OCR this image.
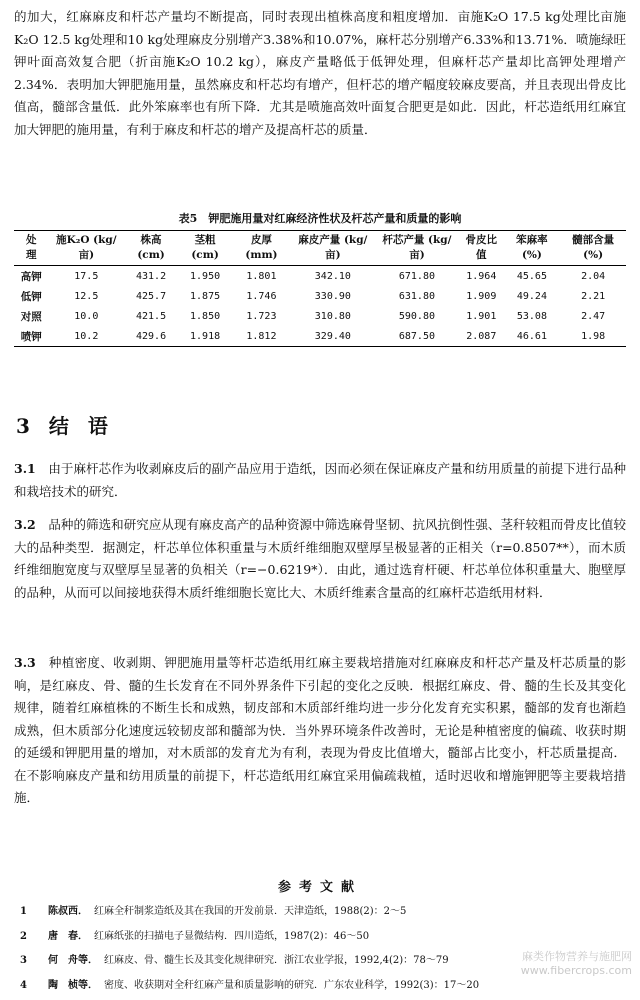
的加大，红麻麻皮和杆芯产量均不断提高，同时表现出植株高度和粗度增加．亩施K₂O 17.5 kg处理比亩施K₂O 12.5 kg处理和10 kg处理麻皮分别增产3.38%和10.07%，麻杆芯分别增产6.33%和13.71%．喷施绿旺钾叶面高效复合肥（折亩施K₂O 10.2 kg），麻皮产量略低于低钾处理，但麻杆芯产量却比高钾处理增产2.34%．表明加大钾肥施用量，虽然麻皮和杆芯均有增产，但杆芯的增产幅度较麻皮要高，并且表现出骨皮比值高，髓部含量低．此外笨麻率也有所下降．尤其是喷施高效叶面复合肥更是如此．因此，杆芯造纸用红麻宜加大钾肥的施用量，有利于麻皮和杆芯的增产及提高杆芯的质量．

表5　钾肥施用量对红麻经济性状及杆芯产量和质量的影响
处　理	施K₂O (kg/亩)	株高 (cm)	茎粗 (cm)	皮厚 (mm)	麻皮产量 (kg/亩)	杆芯产量 (kg/亩)	骨皮比值	笨麻率 (%)	髓部含量 (%)
高钾	17.5	431.2	1.950	1.801	342.10	671.80	1.964	45.65	2.04
低钾	12.5	425.7	1.875	1.746	330.90	631.80	1.909	49.24	2.21
对照	10.0	421.5	1.850	1.723	310.80	590.80	1.901	53.08	2.47
喷钾	10.2	429.6	1.918	1.812	329.40	687.50	2.087	46.61	1.98
3 结 语

3.1　 由于麻杆芯作为收剥麻皮后的副产品应用于造纸，因而必须在保证麻皮产量和纺用质量的前提下进行品种和栽培技术的研究．

3.2　 品种的筛选和研究应从现有麻皮高产的品种资源中筛选麻骨坚韧、抗风抗倒性强、茎秆较粗而骨皮比值较大的品种类型．据测定，杆芯单位体积重量与木质纤维细胞双壁厚呈极显著的正相关（r=0.8507**），而木质纤维细胞宽度与双壁厚呈显著的负相关（r=−0.6219*）．由此，通过选育杆硬、杆芯单位体积重量大、胞壁厚的品种，从而可以间接地获得木质纤维细胞长宽比大、木质纤维素含量高的红麻杆芯造纸用材料．

3.3　 种植密度、收剥期、钾肥施用量等杆芯造纸用红麻主要栽培措施对红麻麻皮和杆芯产量及杆芯质量的影响，是红麻皮、骨、髓的生长发育在不同外界条件下引起的变化之反映．根据红麻皮、骨、髓的生长及其变化规律，随着红麻植株的不断生长和成熟，韧皮部和木质部纤维均进一步分化发育充实积累，髓部的发育也渐趋成熟，但木质部分化速度远较韧皮部和髓部为快．当外界环境条件改善时，无论是种植密度的偏疏、收获时期的延缓和钾肥用量的增加，对木质部的发育尤为有利，表现为骨皮比值增大，髓部占比变小，杆芯质量提高．在不影响麻皮产量和纺用质量的前提下，杆芯造纸用红麻宜采用偏疏栽植，适时迟收和增施钾肥等主要栽培措施．

参考文献
1	陈叔西． 红麻全秆制浆造纸及其在我国的开发前景．天津造纸，1988(2)：2～5
2	唐　春． 红麻纸张的扫描电子显微结构．四川造纸，1987(2)：46～50
3	何　舟等． 红麻皮、骨、髓生长及其变化规律研究．浙江农业学报，1992,4(2)：78～79
4	陶　桢等． 密度、收获期对全秆红麻产量和质量影响的研究．广东农业科学，1992(3)：17～20
麻类作物营养与施肥网
www.fibercrops.com
